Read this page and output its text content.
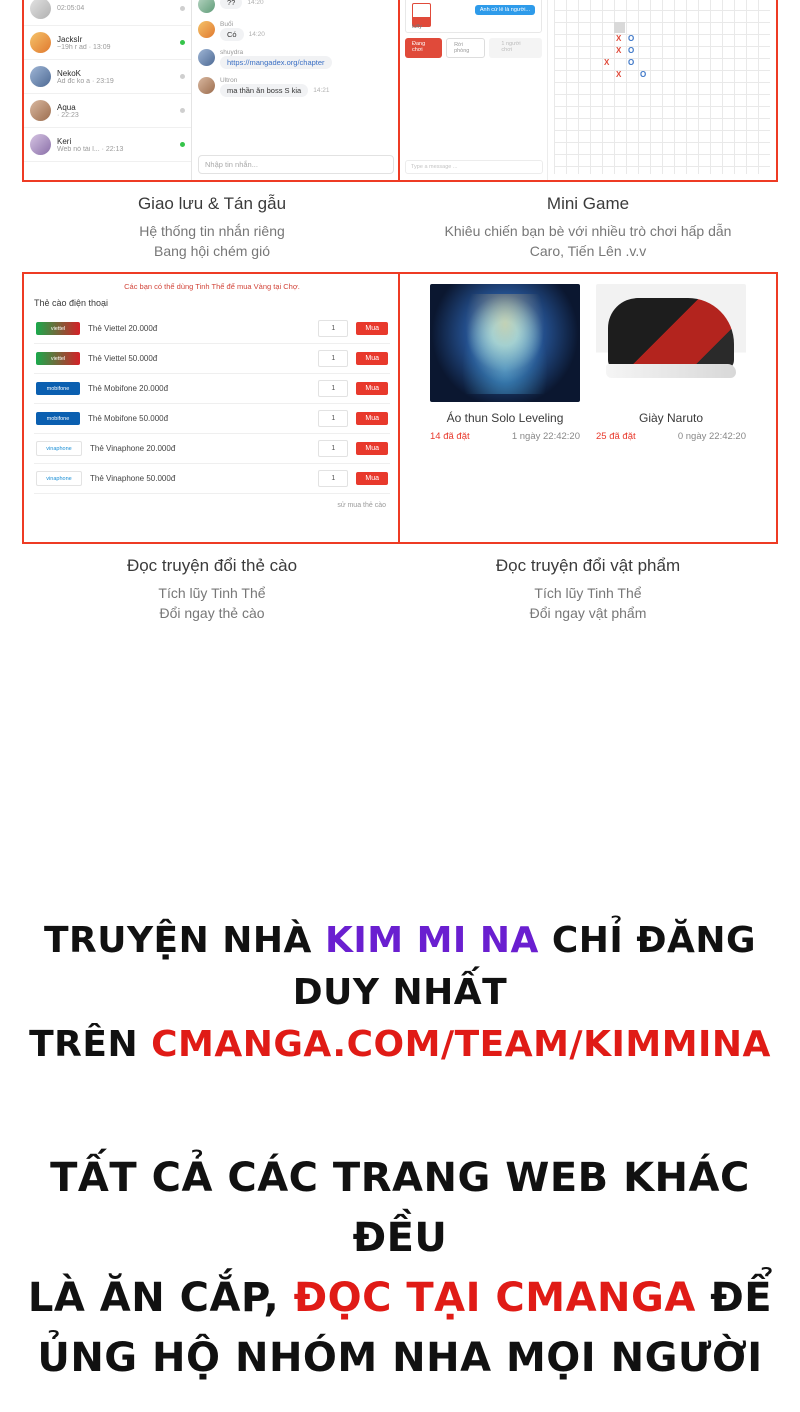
02:05:04
JacksIr
~19h r ad · 13:09
NekoK
Ad đc ko a · 23:19
Aqua
· 22:23
Keri
Web nó tải l... · 22:13
??	14:20
Buổi
Có	14:20
shuydra
https://mangadex.org/chapter
Ultron
ma thần ăn boss S kia	14:21
Nhập tin nhắn...
Giao lưu & Tán gẫu
Hệ thống tin nhắn riêng
Bang hội chém gió
Anh cứ lẻ là người...
luffy
Đang chơi
Rời phòng
1 người chơi
Type a message ...
X O
X O
X O
X O
Mini Game
Khiêu chiến bạn bè với nhiều trò chơi hấp dẫn
Caro, Tiến Lên .v.v
Các bạn có thể dùng Tinh Thể để mua Vàng tại Chợ.
Thẻ cào điện thoại
viettel	Thẻ Viettel 20.000đ	1	Mua
viettel	Thẻ Viettel 50.000đ	1	Mua
mobifone	Thẻ Mobifone 20.000đ	1	Mua
mobifone	Thẻ Mobifone 50.000đ	1	Mua
vinaphone	Thẻ Vinaphone 20.000đ	1	Mua
vinaphone	Thẻ Vinaphone 50.000đ	1	Mua
sử mua thẻ cào
Đọc truyện đổi thẻ cào
Tích lũy Tinh Thể
Đổi ngay thẻ cào
Áo thun Solo Leveling
14 đã đặt	1 ngày 22:42:20
Giày Naruto
25 đã đặt	0 ngày 22:42:20
Đọc truyện đổi vật phẩm
Tích lũy Tinh Thể
Đổi ngay vật phẩm
TRUYỆN NHÀ KIM MI NA CHỈ ĐĂNG DUY NHẤT
TRÊN CMANGA.COM/TEAM/KIMMINA
TẤT CẢ CÁC TRANG WEB KHÁC ĐỀU
LÀ ĂN CẮP, ĐỌC TẠI CMANGA ĐỂ
ỦNG HỘ NHÓM NHA MỌI NGƯỜI
